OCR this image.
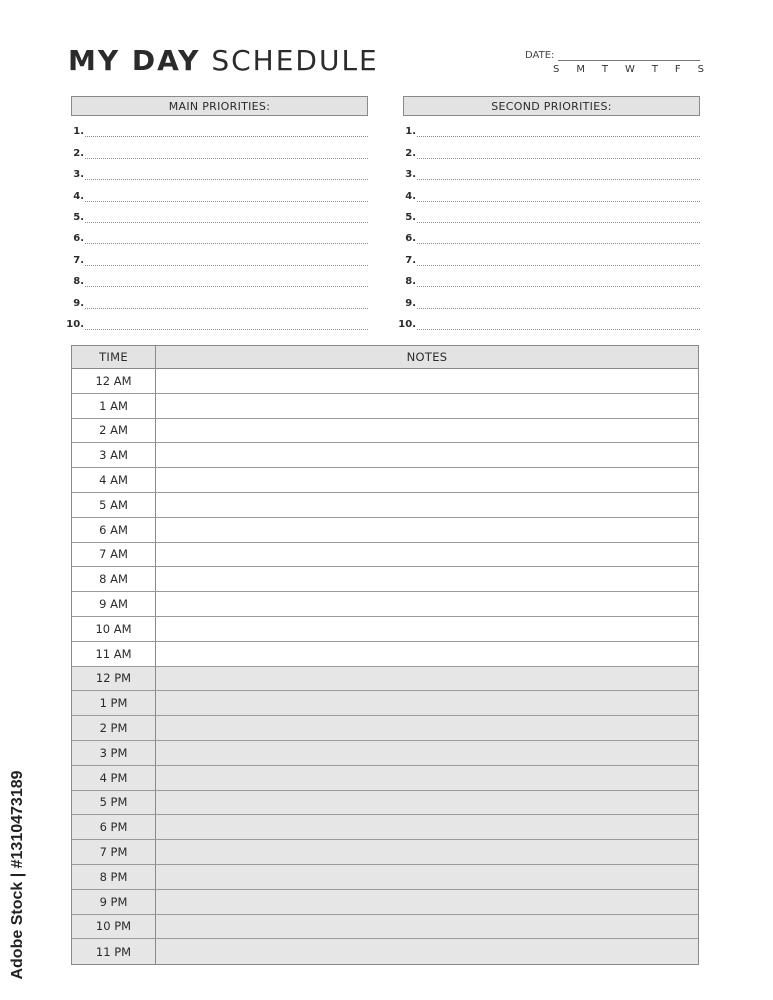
MY DAY SCHEDULE	DATE:
S M T W T F S
MAIN PRIORITIES:
1.
2.
3.
4.
5.
6.
7.
8.
9.
10.
SECOND PRIORITIES:
1.
2.
3.
4.
5.
6.
7.
8.
9.
10.
TIME	NOTES
12 AM
1 AM
2 AM
3 AM
4 AM
5 AM
6 AM
7 AM
8 AM
9 AM
10 AM
11 AM
12 PM
1 PM
2 PM
3 PM
4 PM
5 PM
6 PM
7 PM
8 PM
9 PM
10 PM
11 PM
Adobe Stock | #1310473189
